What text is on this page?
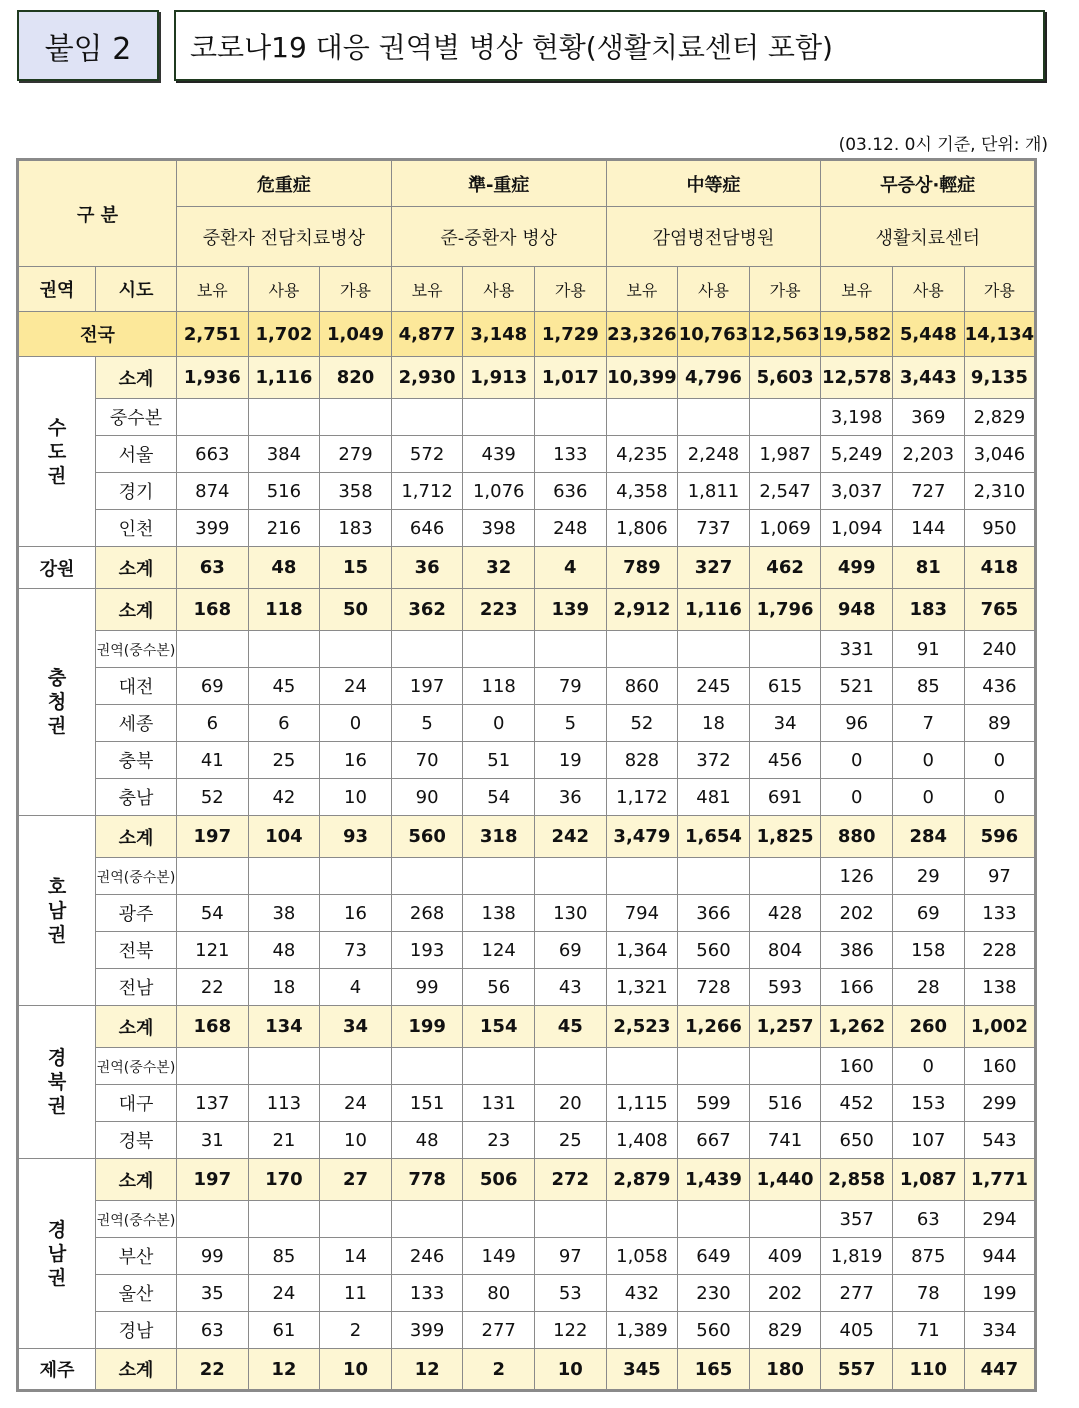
붙임 2	코로나19 대응 권역별 병상 현황(생활치료센터 포함)
(03.12. 0시 기준, 단위: 개)
구 분		危重症			準-重症			中等症			무증상·輕症		
		중환자 전담치료병상			준-중환자 병상			감염병전담병원			생활치료센터		
권역	시도	보유	사용	가용	보유	사용	가용	보유	사용	가용	보유	사용	가용
전국		2,751	1,702	1,049	4,877	3,148	1,729	23,326	10,763	12,563	19,582	5,448	14,134
수도권	소계	1,936	1,116	820	2,930	1,913	1,017	10,399	4,796	5,603	12,578	3,443	9,135
	중수본										3,198	369	2,829
	서울	663	384	279	572	439	133	4,235	2,248	1,987	5,249	2,203	3,046
	경기	874	516	358	1,712	1,076	636	4,358	1,811	2,547	3,037	727	2,310
	인천	399	216	183	646	398	248	1,806	737	1,069	1,094	144	950
강원	소계	63	48	15	36	32	4	789	327	462	499	81	418
충청권	소계	168	118	50	362	223	139	2,912	1,116	1,796	948	183	765
	권역(중수본)										331	91	240
	대전	69	45	24	197	118	79	860	245	615	521	85	436
	세종	6	6	0	5	0	5	52	18	34	96	7	89
	충북	41	25	16	70	51	19	828	372	456	0	0	0
	충남	52	42	10	90	54	36	1,172	481	691	0	0	0
호남권	소계	197	104	93	560	318	242	3,479	1,654	1,825	880	284	596
	권역(중수본)										126	29	97
	광주	54	38	16	268	138	130	794	366	428	202	69	133
	전북	121	48	73	193	124	69	1,364	560	804	386	158	228
	전남	22	18	4	99	56	43	1,321	728	593	166	28	138
경북권	소계	168	134	34	199	154	45	2,523	1,266	1,257	1,262	260	1,002
	권역(중수본)										160	0	160
	대구	137	113	24	151	131	20	1,115	599	516	452	153	299
	경북	31	21	10	48	23	25	1,408	667	741	650	107	543
경남권	소계	197	170	27	778	506	272	2,879	1,439	1,440	2,858	1,087	1,771
	권역(중수본)										357	63	294
	부산	99	85	14	246	149	97	1,058	649	409	1,819	875	944
	울산	35	24	11	133	80	53	432	230	202	277	78	199
	경남	63	61	2	399	277	122	1,389	560	829	405	71	334
제주	소계	22	12	10	12	2	10	345	165	180	557	110	447
